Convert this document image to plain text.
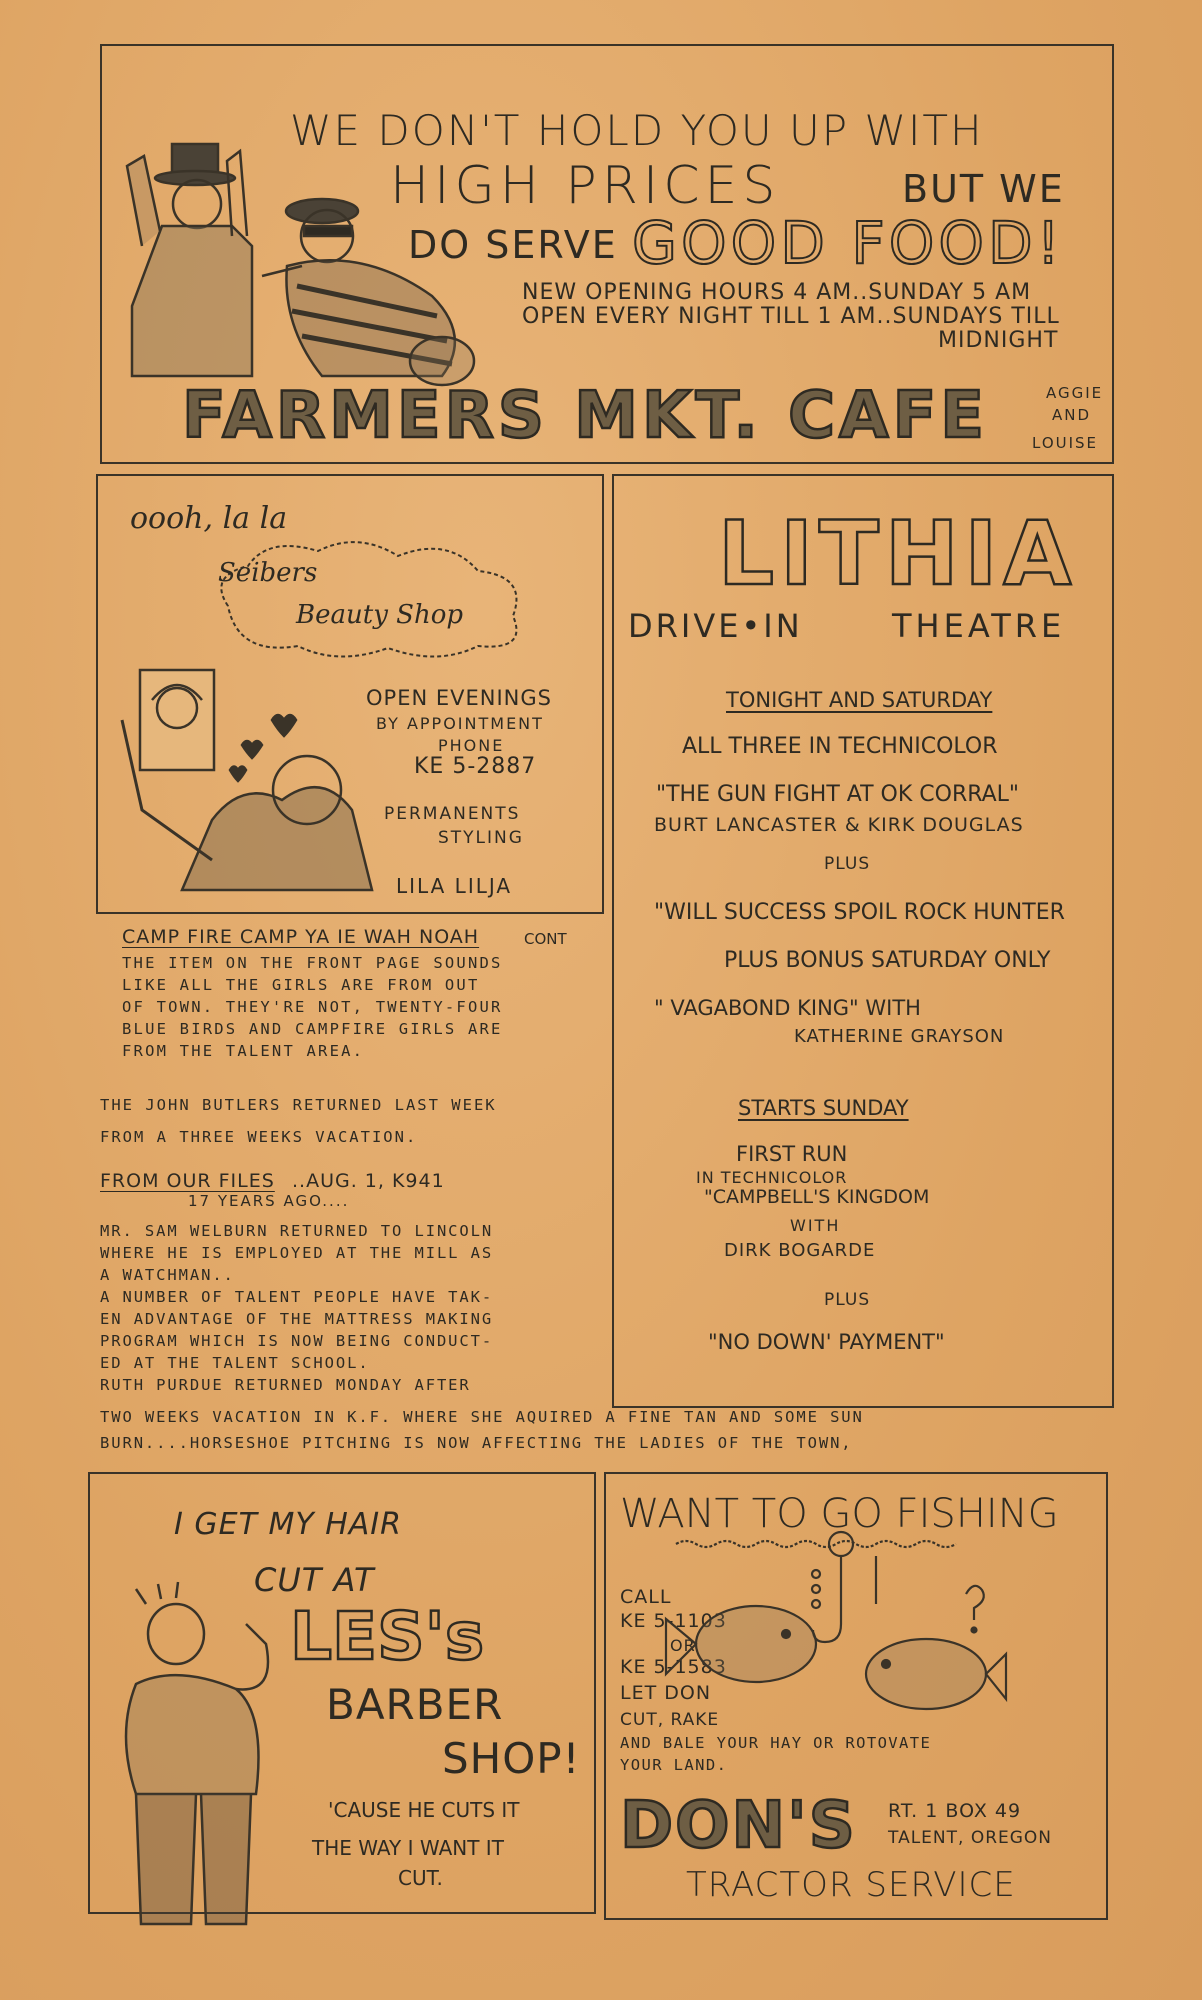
WE DON'T HOLD YOU UP WITH

HIGH PRICES	BUT WE

DO SERVE GOOD FOOD!

NEW OPENING HOURS 4 AM..SUNDAY 5 AM

OPEN EVERY NIGHT TILL 1 AM..SUNDAYS TILL

MIDNIGHT

FARMERS MKT. CAFE	AGGIE

AND

LOUISE

oooh, la la

Seibers

Beauty Shop

OPEN EVENINGS

BY APPOINTMENT

PHONE

KE 5-2887

PERMANENTS

STYLING

LILA LILJA

LITHIA

DRIVE•IN	THEATRE

TONIGHT AND SATURDAY

ALL THREE IN TECHNICOLOR

"THE GUN FIGHT AT OK CORRAL"

BURT LANCASTER & KIRK DOUGLAS

PLUS

"WILL SUCCESS SPOIL ROCK HUNTER

PLUS BONUS SATURDAY ONLY

" VAGABOND KING" WITH

KATHERINE GRAYSON

STARTS SUNDAY

FIRST RUN

IN TECHNICOLOR

"CAMPBELL'S KINGDOM

WITH

DIRK BOGARDE

PLUS

"NO DOWN' PAYMENT"

CAMP FIRE CAMP YA IE WAH NOAH	CONT

THE ITEM ON THE FRONT PAGE SOUNDS

LIKE ALL THE GIRLS ARE FROM OUT

OF TOWN. THEY'RE NOT, TWENTY-FOUR

BLUE BIRDS AND CAMPFIRE GIRLS ARE

FROM THE TALENT AREA.

THE JOHN BUTLERS RETURNED LAST WEEK

FROM A THREE WEEKS VACATION.

FROM OUR FILES ..AUG. 1, K941

17 YEARS AGO....

MR. SAM WELBURN RETURNED TO LINCOLN

WHERE HE IS EMPLOYED AT THE MILL AS

A WATCHMAN..

A NUMBER OF TALENT PEOPLE HAVE TAK-

EN ADVANTAGE OF THE MATTRESS MAKING

PROGRAM WHICH IS NOW BEING CONDUCT-

ED AT THE TALENT SCHOOL.

RUTH PURDUE RETURNED MONDAY AFTER

TWO WEEKS VACATION IN K.F. WHERE SHE AQUIRED A FINE TAN AND SOME SUN

BURN....HORSESHOE PITCHING IS NOW AFFECTING THE LADIES OF THE TOWN,

I GET MY HAIR

CUT AT

LES's

BARBER

SHOP!

'CAUSE HE CUTS IT

THE WAY I WANT IT

CUT.

WANT TO GO FISHING

CALL

KE 5-1103

OR

KE 5-1583

LET DON

CUT, RAKE

AND BALE YOUR HAY OR ROTOVATE

YOUR LAND.

DON'S RT. 1 BOX 49

TALENT, OREGON

TRACTOR SERVICE
